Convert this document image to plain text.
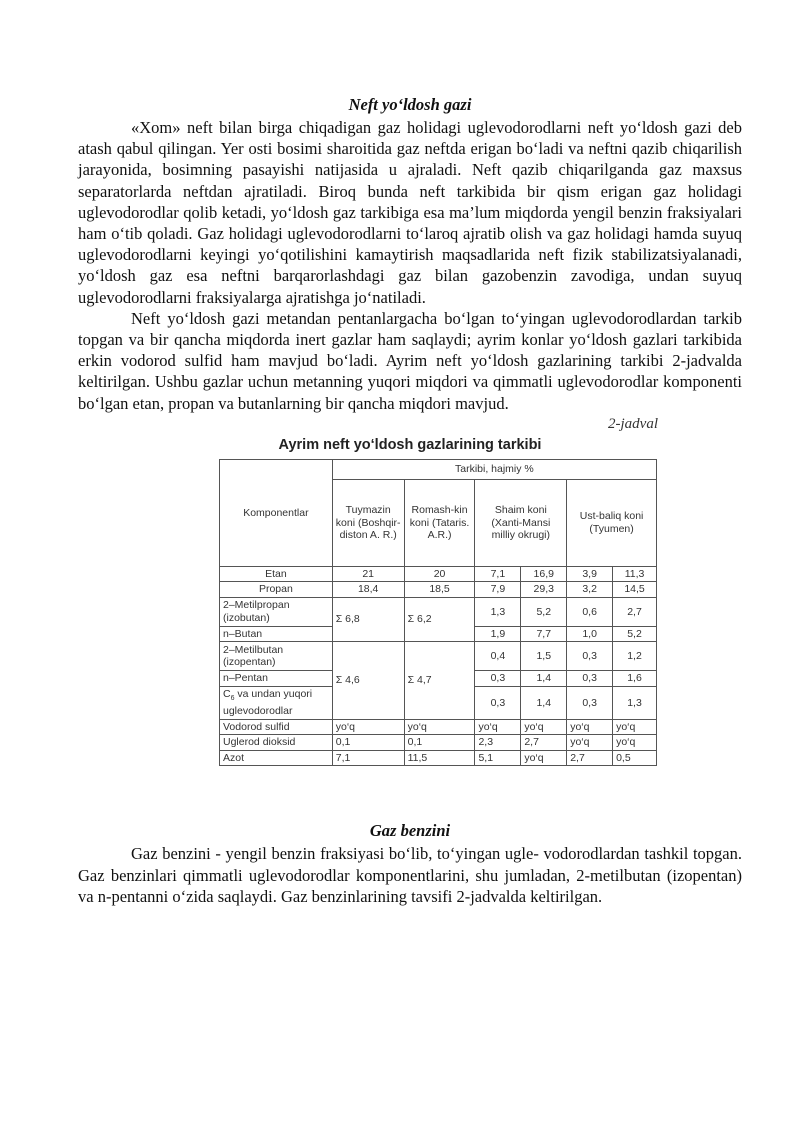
Neft yo‘ldosh gazi

«Xom» neft bilan birga chiqadigan gaz holidagi uglevodorodlarni neft yo‘ldosh gazi deb atash qabul qilingan. Yer osti bosimi sharoitida gaz neftda erigan bo‘ladi va neftni qazib chiqarilish jarayonida, bosimning pasayishi natijasida u ajraladi. Neft qazib chiqarilganda gaz maxsus separatorlarda neftdan ajratiladi. Biroq bunda neft tarkibida bir qism erigan gaz holidagi uglevodorodlar qolib ketadi, yo‘ldosh gaz tarkibiga esa ma’lum miqdorda yengil benzin fraksiyalari ham o‘tib qoladi. Gaz holidagi uglevodorodlarni to‘laroq ajratib olish va gaz holidagi hamda suyuq uglevodorodlarni keyingi yo‘qotilishini kamaytirish maqsadlarida neft fizik stabilizatsiyalanadi, yo‘ldosh gaz esa neftni barqarorlashdagi gaz bilan gazobenzin zavodiga, undan suyuq uglevodorodlarni fraksiyalarga ajratishga jo‘natiladi.

Neft yo‘ldosh gazi metandan pentanlargacha bo‘lgan to‘yingan uglevodorodlardan tarkib topgan va bir qancha miqdorda inert gazlar ham saqlaydi; ayrim konlar yo‘ldosh gazlari tarkibida erkin vodorod sulfid ham mavjud bo‘ladi. Ayrim neft yo‘ldosh gazlarining tarkibi 2-jadvalda keltirilgan. Ushbu gazlar uchun metanning yuqori miqdori va qimmatli uglevodorodlar komponenti bo‘lgan etan, propan va butanlarning bir qancha miqdori mavjud.

2-jadval
Ayrim neft yo‘ldosh gazlarining tarkibi
Komponentlar	Tarkibi, hajmiy %					
	Tuymazin koni (Boshqir-diston A. R.)	Romash-kin koni (Tataris. A.R.)	Shaim koni (Xanti-Mansi milliy okrugi)		Ust-baliq koni (Tyumen)	
Etan	21	20	7,1	16,9	3,9	11,3
Propan	18,4	18,5	7,9	29,3	3,2	14,5
2–Metilpropan (izobutan)	Σ 6,8	Σ 6,2	1,3	5,2	0,6	2,7
n–Butan			1,9	7,7	1,0	5,2
2–Metilbutan (izopentan)	Σ 4,6	Σ 4,7	0,4	1,5	0,3	1,2
n–Pentan			0,3	1,4	0,3	1,6
$C_6$ va undan yuqori uglevodorodlar			0,3	1,4	0,3	1,3
Vodorod sulfid	yo‘q	yo‘q	yo‘q	yo‘q	yo‘q	yo‘q
Uglerod dioksid	0,1	0,1	2,3	2,7	yo‘q	yo‘q
Azot	7,1	11,5	5,1	yo‘q	2,7	0,5
Gaz benzini

Gaz benzini - yengil benzin fraksiyasi bo‘lib, to‘yingan ugle- vodorodlardan tashkil topgan. Gaz benzinlari qimmatli uglevodorodlar komponentlarini, shu jumladan, 2-metilbutan (izopentan) va n-pentanni o‘zida saqlaydi. Gaz benzinlarining tavsifi 2-jadvalda keltirilgan.
